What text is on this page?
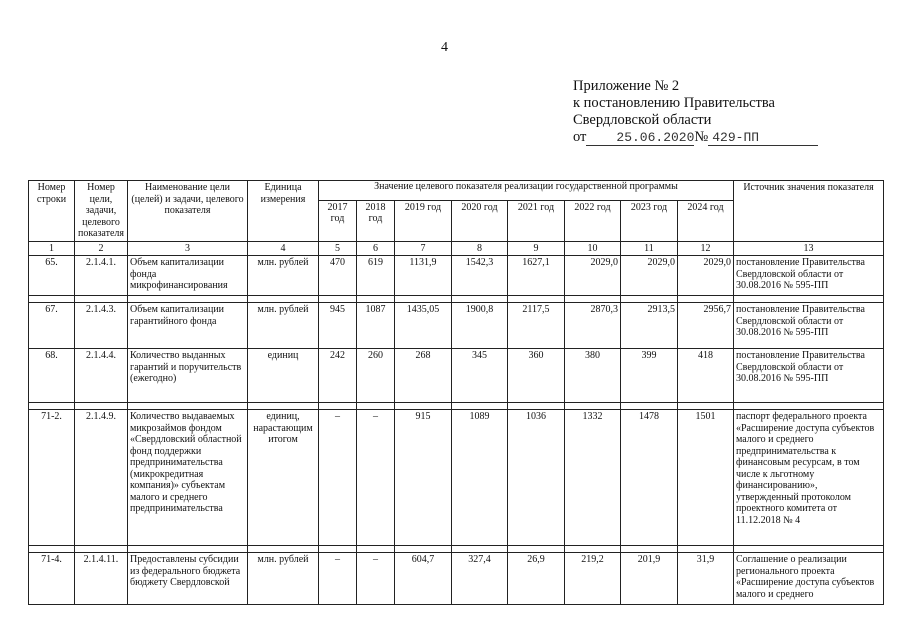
4
Приложение № 2
к постановлению Правительства
Свердловской области
от 25.06.2020№ 429-ПП
Номер строки	Номер цели, задачи, целевого показателя	Наименование цели (целей) и задачи, целевого показателя	Единица измерения	Значение целевого показателя реализации государственной программы								Источник значения показателя
				2017 год	2018 год	2019 год	2020 год	2021 год	2022 год	2023 год	2024 год	
1	2	3	4	5	6	7	8	9	10	11	12	13
65.	2.1.4.1.	Объем капитализации фонда микрофинансирования	млн. рублей	470	619	1131,9	1542,3	1627,1	2029,0	2029,0	2029,0	постановление Правительства Свердловской области от 30.08.2016 № 595-ПП

67.	2.1.4.3.	Объем капитализации гарантийного фонда	млн. рублей	945	1087	1435,05	1900,8	2117,5	2870,3	2913,5	2956,7	постановление Правительства Свердловской области от 30.08.2016 № 595-ПП
68.	2.1.4.4.	Количество выданных гарантий и поручительств (ежегодно)	единиц	242	260	268	345	360	380	399	418	постановление Правительства Свердловской области от 30.08.2016 № 595-ПП

71-2.	2.1.4.9.	Количество выдаваемых микрозаймов фондом «Свердловский областной фонд поддержки предпринимательства (микрокредитная компания)» субъектам малого и среднего предпринимательства	единиц, нарастающим итогом	–	–	915	1089	1036	1332	1478	1501	паспорт федерального проекта «Расширение доступа субъектов малого и среднего предпринимательства к финансовым ресурсам, в том числе к льготному финансированию», утвержденный протоколом проектного комитета от 11.12.2018 № 4

71-4.	2.1.4.11.	Предоставлены субсидии из федерального бюджета бюджету Свердловской	млн. рублей	–	–	604,7	327,4	26,9	219,2	201,9	31,9	Соглашение о реализации регионального проекта «Расширение доступа субъектов малого и среднего
